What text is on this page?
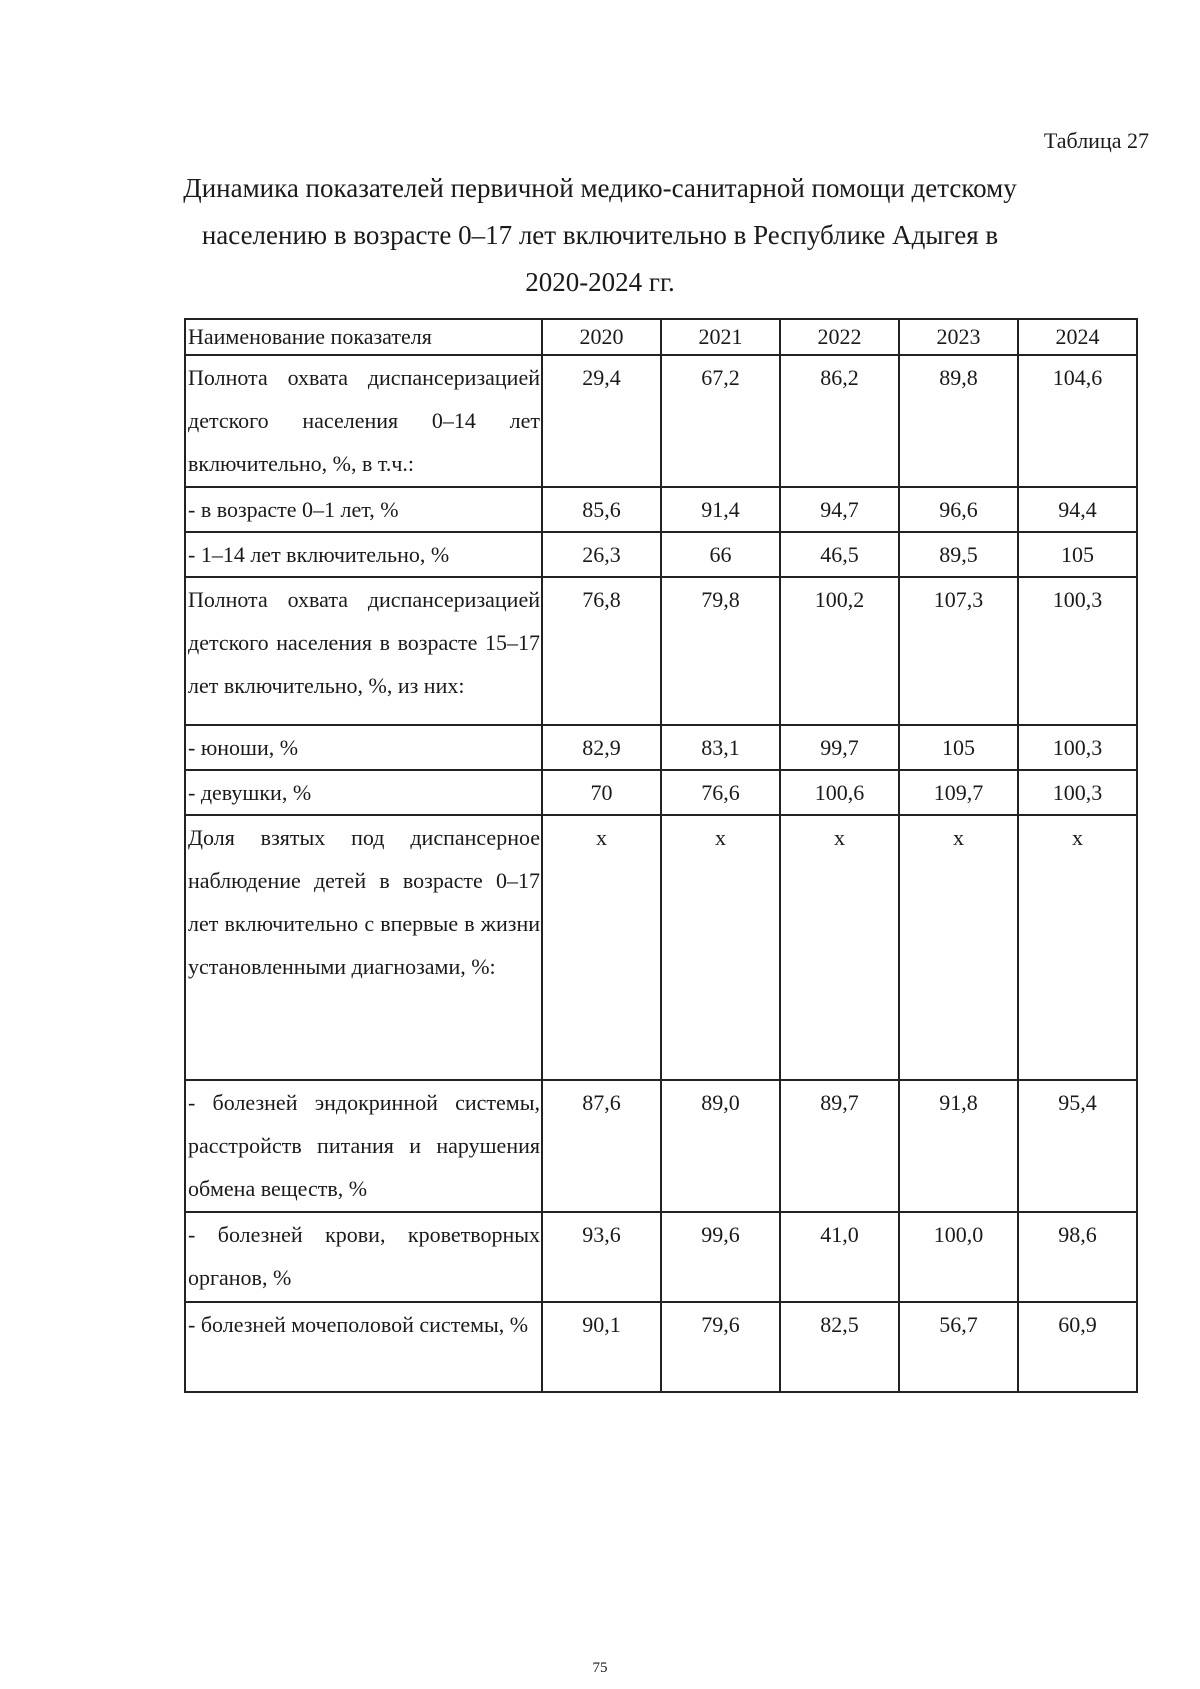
Таблица 27
Динамика показателей первичной медико-санитарной помощи детскому
населению в возрасте 0–17 лет включительно в Республике Адыгея в
2020-2024 гг.
Наименование показателя	2020	2021	2022	2023	2024
Полнота охвата диспансеризацией детского населения 0–14 лет включительно, %, в т.ч.:	29,4	67,2	86,2	89,8	104,6
- в возрасте 0–1 лет, %	85,6	91,4	94,7	96,6	94,4
- 1–14 лет включительно, %	26,3	66	46,5	89,5	105
Полнота охвата диспансеризацией детского населения в возрасте 15–17 лет включительно, %, из них:	76,8	79,8	100,2	107,3	100,3
- юноши, %	82,9	83,1	99,7	105	100,3
- девушки, %	70	76,6	100,6	109,7	100,3
Доля взятых под диспансерное наблюдение детей в возрасте 0–17 лет включительно с впервые в жизни установленными диагнозами, %:	x	x	x	x	x
- болезней эндокринной системы, расстройств питания и нарушения обмена веществ, %	87,6	89,0	89,7	91,8	95,4
- болезней крови, кроветворных органов, %	93,6	99,6	41,0	100,0	98,6
- болезней мочеполовой системы, %	90,1	79,6	82,5	56,7	60,9
75
